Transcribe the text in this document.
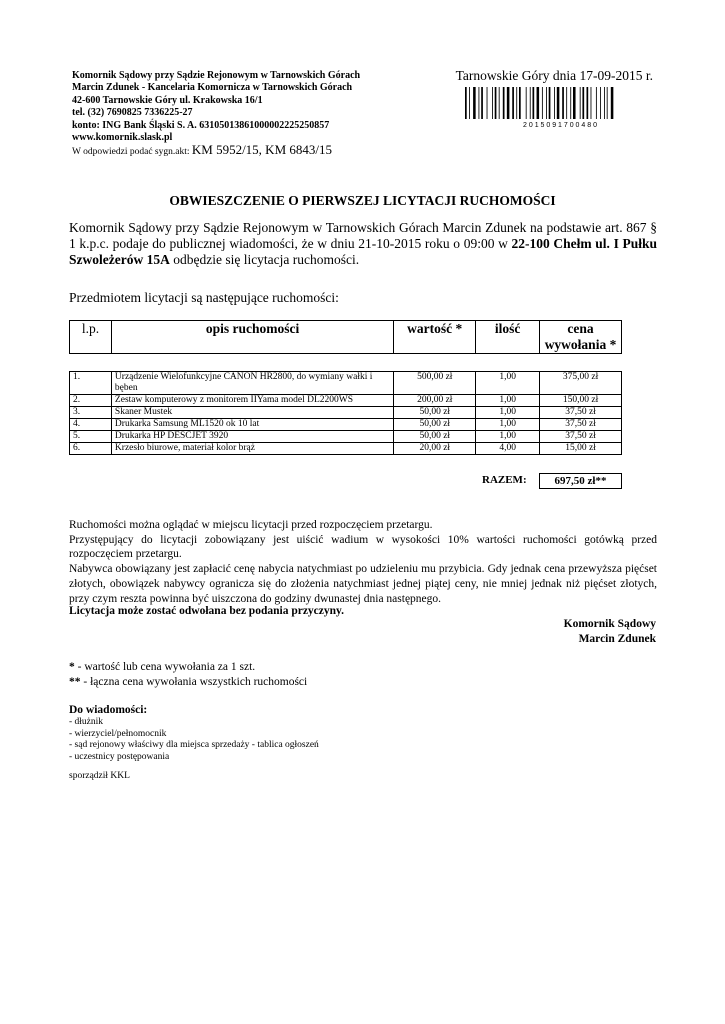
Komornik Sądowy przy Sądzie Rejonowym w Tarnowskich Górach
Marcin Zdunek - Kancelaria Komornicza w Tarnowskich Górach
42-600 Tarnowskie Góry ul. Krakowska 16/1
tel. (32) 7690825 7336225-27
konto: ING Bank Śląski S. A. 63105013861000002225250857
www.komornik.slask.pl
W odpowiedzi podać sygn.akt: KM 5952/15, KM 6843/15
Tarnowskie Góry dnia 17-09-2015 r.
2 0 1 5 0 9 1 7 0 0 4 8 0
OBWIESZCZENIE O PIERWSZEJ LICYTACJI RUCHOMOŚCI
Komornik Sądowy przy Sądzie Rejonowym w Tarnowskich Górach Marcin Zdunek na podstawie art. 867 § 1 k.p.c. podaje do publicznej wiadomości, że w dniu 21-10-2015 roku o 09:00 w 22-100 Chełm ul. I Pułku Szwoleżerów 15A odbędzie się licytacja ruchomości.
Przedmiotem licytacji są następujące ruchomości:
l.p.	opis ruchomości	wartość *	ilość	cena wywołania *
1.	Urządzenie Wielofunkcyjne CANON HR2800, do wymiany wałki i bęben	500,00 zł	1,00	375,00 zł
2.	Zestaw komputerowy z monitorem IIYama model DL2200WS	200,00 zł	1,00	150,00 zł
3.	Skaner Mustek	50,00 zł	1,00	37,50 zł
4.	Drukarka Samsung ML1520 ok 10 lat	50,00 zł	1,00	37,50 zł
5.	Drukarka HP DESCJET 3920	50,00 zł	1,00	37,50 zł
6.	Krzesło biurowe, materiał kolor brąż	20,00 zł	4,00	15,00 zł
RAZEM:	697,50 zł**
Ruchomości można oglądać w miejscu licytacji przed rozpoczęciem przetargu.
Przystępujący do licytacji zobowiązany jest uiścić wadium w wysokości 10% wartości ruchomości gotówką przed rozpoczęciem przetargu.
Nabywca obowiązany jest zapłacić cenę nabycia natychmiast po udzieleniu mu przybicia. Gdy jednak cena przewyższa pięćset złotych, obowiązek nabywcy ogranicza się do złożenia natychmiast jednej piątej ceny, nie mniej jednak niż pięćset złotych, przy czym reszta powinna być uiszczona do godziny dwunastej dnia następnego.
Licytacja może zostać odwołana bez podania przyczyny.
Komornik Sądowy
Marcin Zdunek
* - wartość lub cena wywołania za 1 szt.
** - łączna cena wywołania wszystkich ruchomości
Do wiadomości:
- dłużnik
- wierzyciel/pełnomocnik
- sąd rejonowy właściwy dla miejsca sprzedaży - tablica ogłoszeń
- uczestnicy postępowania
sporządził KKL
